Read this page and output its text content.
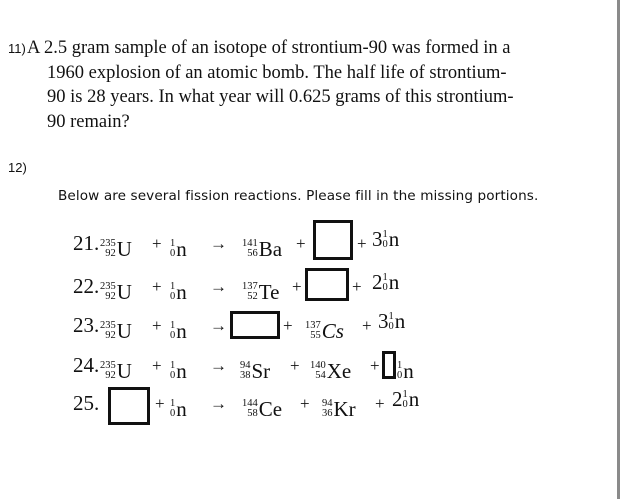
11) A 2.5 gram sample of an isotope of strontium-90 was formed in a
1960 explosion of an atomic bomb. The half life of strontium-
90 is 28 years. In what year will 0.625 grams of this strontium-
90 remain?
12)
Below are several fission reactions. Please fill in the missing portions.
21. 235
92 U + 1
0 n → 141
56 Ba +	+ 3 1
0 n
22. 235
92 U + 1
0 n → 137
52 Te +	+ 2 1
0 n
23. 235
92 U + 1
0 n →	+ 137
55 Cs + 3 1
0 n
24. 235
92 U + 1
0 n → 94
38 Sr + 140
54 Xe + 1
0 n
25.	+ 1
0 n → 144
58 Ce + 94
36 Kr + 2 1
0 n
